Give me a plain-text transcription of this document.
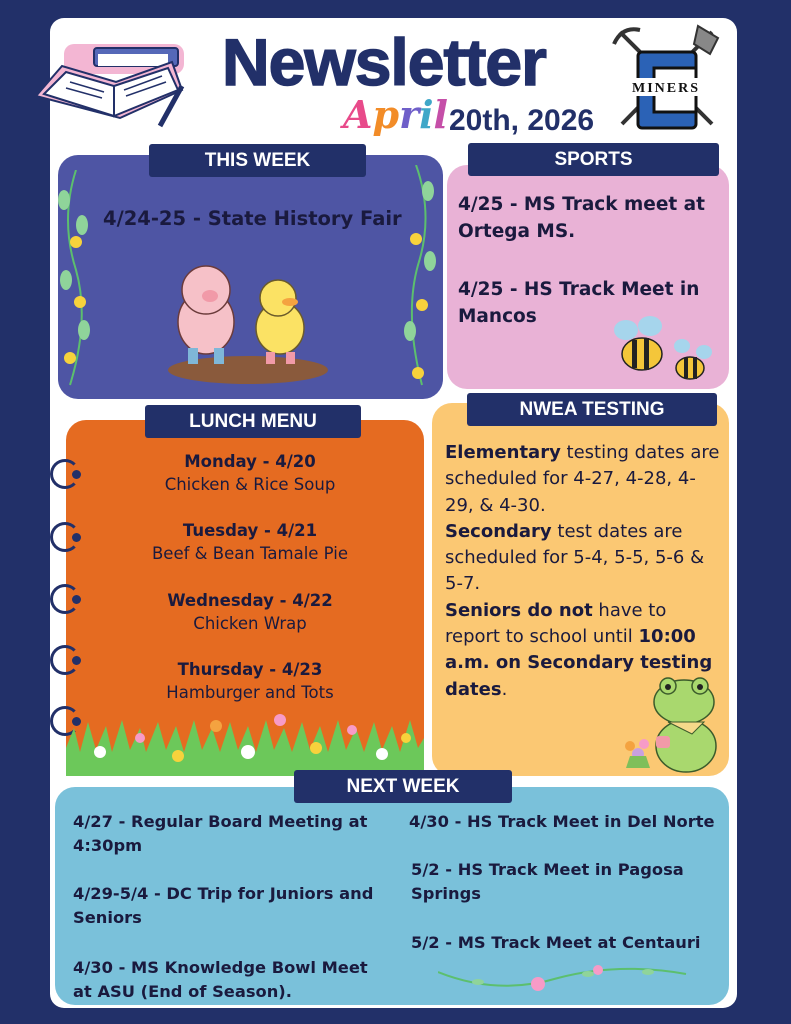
Newsletter
April 20th, 2026
MINERS
THIS WEEK
4/24-25 - State History Fair
SPORTS
4/25 - MS Track meet at Ortega MS.
4/25 - HS Track Meet in Mancos
LUNCH MENU
Monday - 4/20
Chicken & Rice Soup
Tuesday - 4/21
Beef & Bean Tamale Pie
Wednesday - 4/22
Chicken Wrap
Thursday - 4/23
Hamburger and Tots
NWEA TESTING
Elementary testing dates are scheduled for 4-27, 4-28, 4-29, & 4-30.
Secondary test dates are scheduled for 5-4, 5-5, 5-6 & 5-7.
Seniors do not have to report to school until 10:00 a.m. on Secondary testing dates.
NEXT WEEK
4/27 - Regular Board Meeting at 4:30pm
4/29-5/4 - DC Trip for Juniors and Seniors
4/30 - MS Knowledge Bowl Meet at ASU (End of Season).
4/30 - HS Track Meet in Del Norte
5/2 - HS Track Meet in Pagosa Springs
5/2 - MS Track Meet at Centauri
